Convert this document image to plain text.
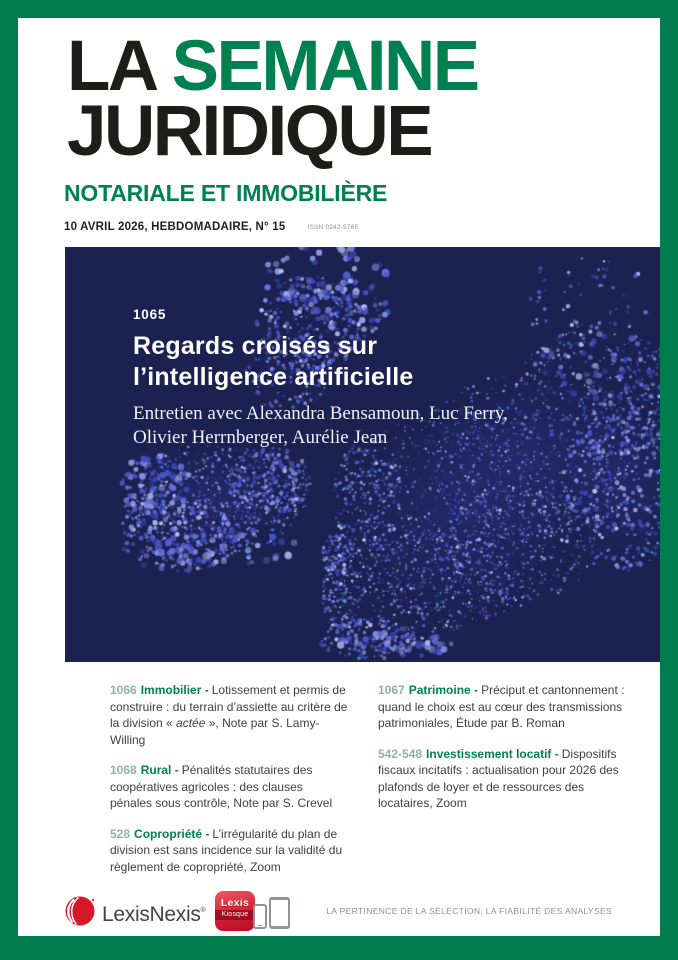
LA SEMAINE
JURIDIQUE
NOTARIALE ET IMMOBILIÈRE
10 AVRIL 2026, HEBDOMADAIRE, N° 15	ISSN 0242-5785
1065
Regards croisés sur
l’intelligence artificielle
Entretien avec Alexandra Bensamoun, Luc Ferry,
Olivier Herrnberger, Aurélie Jean

1066 Immobilier - Lotissement et permis de construire : du terrain d’assiette au critère de la division « actée », Note par S. Lamy-Willing

1068 Rural - Pénalités statutaires des coopératives agricoles : des clauses pénales sous contrôle, Note par S. Crevel

528 Copropriété - L’irrégularité du plan de division est sans incidence sur la validité du règlement de copropriété, Zoom

1067 Patrimoine - Préciput et cantonnement : quand le choix est au cœur des transmissions patrimoniales, Étude par B. Roman

542-548 Investissement locatif - Dispositifs fiscaux incitatifs : actualisation pour 2026 des plafonds de loyer et de ressources des locataires, Zoom

LexisNexis®
Lexis
Kiosque	LA PERTINENCE DE LA SÉLECTION, LA FIABILITÉ DES ANALYSES
